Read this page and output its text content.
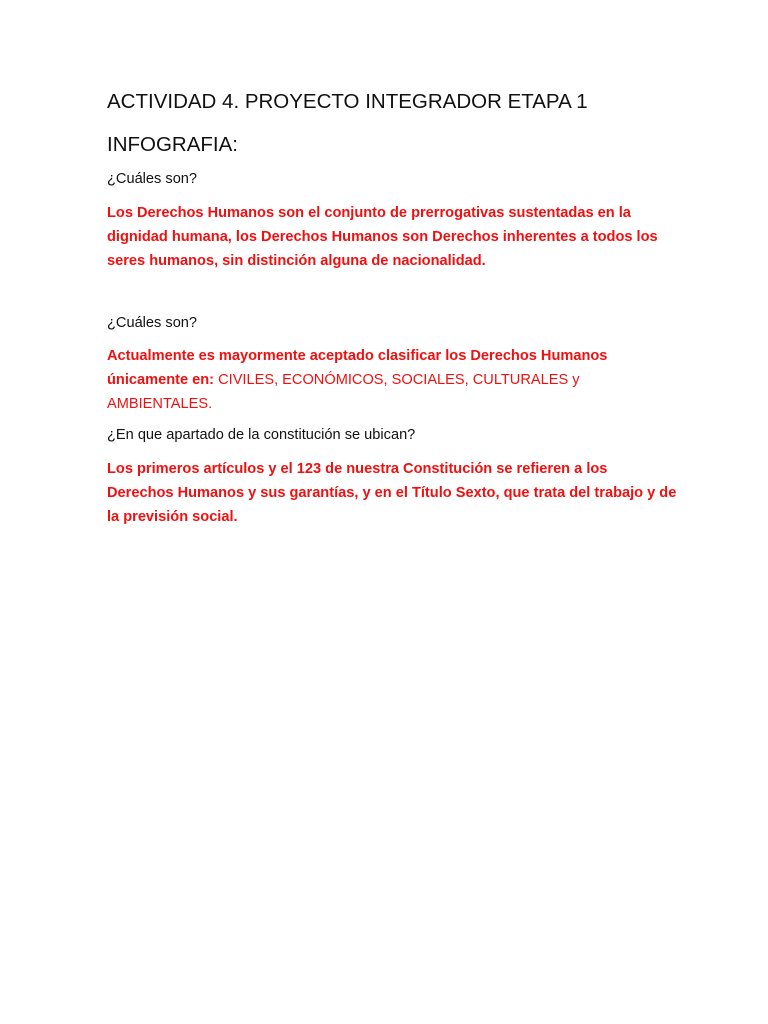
ACTIVIDAD 4. PROYECTO INTEGRADOR ETAPA 1
INFOGRAFIA:

¿Cuáles son?

Los Derechos Humanos son el conjunto de prerrogativas sustentadas en la dignidad humana, los Derechos Humanos son Derechos inherentes a todos los seres humanos, sin distinción alguna de nacionalidad.

¿Cuáles son?

Actualmente es mayormente aceptado clasificar los Derechos Humanos únicamente en: CIVILES, ECONÓMICOS, SOCIALES, CULTURALES y AMBIENTALES.

¿En que apartado de la constitución se ubican?

Los primeros artículos y el 123 de nuestra Constitución se refieren a los Derechos Humanos y sus garantías, y en el Título Sexto, que trata del trabajo y de la previsión social.
